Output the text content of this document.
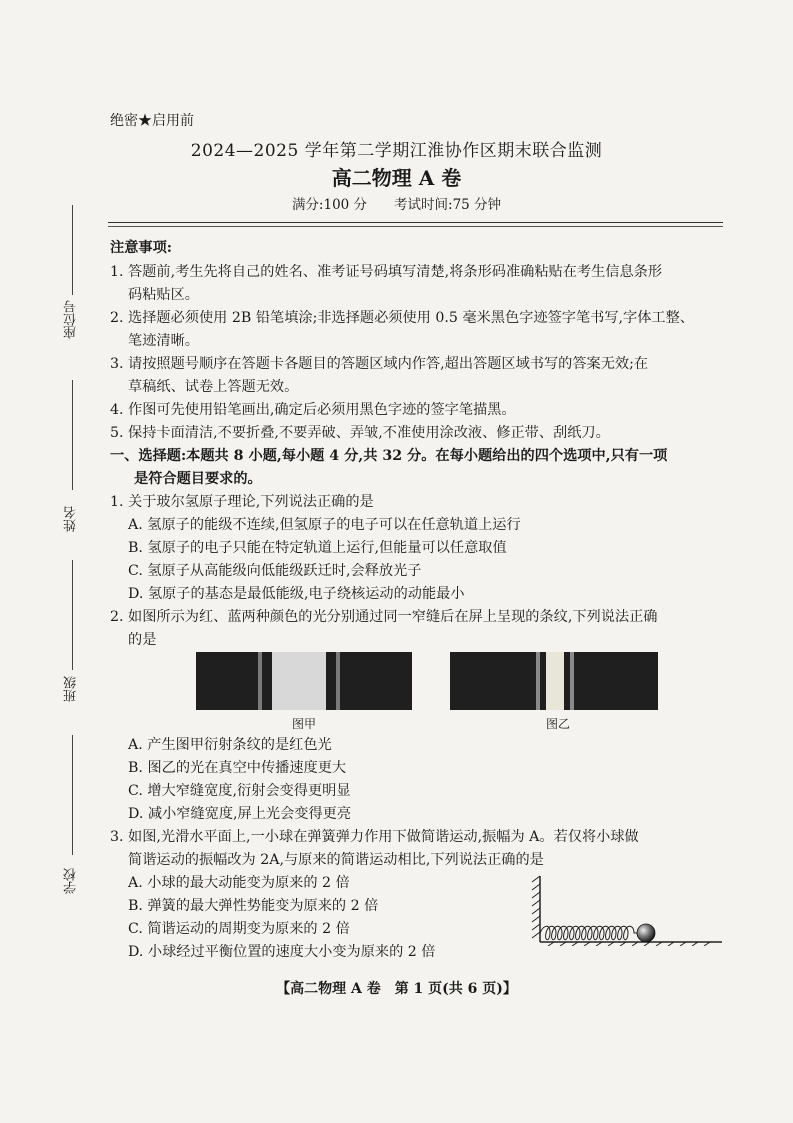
绝密★启用前
2024—2025 学年第二学期江淮协作区期末联合监测
高二物理 A 卷
满分:100 分　　考试时间:75 分钟
座位号
姓名
班级
学校
注意事项:
1. 答题前,考生先将自己的姓名、准考证号码填写清楚,将条形码准确粘贴在考生信息条形
码粘贴区。
2. 选择题必须使用 2B 铅笔填涂;非选择题必须使用 0.5 毫米黑色字迹签字笔书写,字体工整、
笔迹清晰。
3. 请按照题号顺序在答题卡各题目的答题区域内作答,超出答题区域书写的答案无效;在
草稿纸、试卷上答题无效。
4. 作图可先使用铅笔画出,确定后必须用黑色字迹的签字笔描黑。
5. 保持卡面清洁,不要折叠,不要弄破、弄皱,不准使用涂改液、修正带、刮纸刀。
一、选择题:本题共 8 小题,每小题 4 分,共 32 分。在每小题给出的四个选项中,只有一项
是符合题目要求的。
1. 关于玻尔氢原子理论,下列说法正确的是
A. 氢原子的能级不连续,但氢原子的电子可以在任意轨道上运行
B. 氢原子的电子只能在特定轨道上运行,但能量可以任意取值
C. 氢原子从高能级向低能级跃迁时,会释放光子
D. 氢原子的基态是最低能级,电子绕核运动的动能最小
2. 如图所示为红、蓝两种颜色的光分别通过同一窄缝后在屏上呈现的条纹,下列说法正确
的是
图甲	图乙
A. 产生图甲衍射条纹的是红色光
B. 图乙的光在真空中传播速度更大
C. 增大窄缝宽度,衍射会变得更明显
D. 减小窄缝宽度,屏上光会变得更亮
3. 如图,光滑水平面上,一小球在弹簧弹力作用下做简谐运动,振幅为 A。若仅将小球做
简谐运动的振幅改为 2A,与原来的简谐运动相比,下列说法正确的是
A. 小球的最大动能变为原来的 2 倍
B. 弹簧的最大弹性势能变为原来的 2 倍
C. 简谐运动的周期变为原来的 2 倍
D. 小球经过平衡位置的速度大小变为原来的 2 倍
【高二物理 A 卷　第 1 页(共 6 页)】
